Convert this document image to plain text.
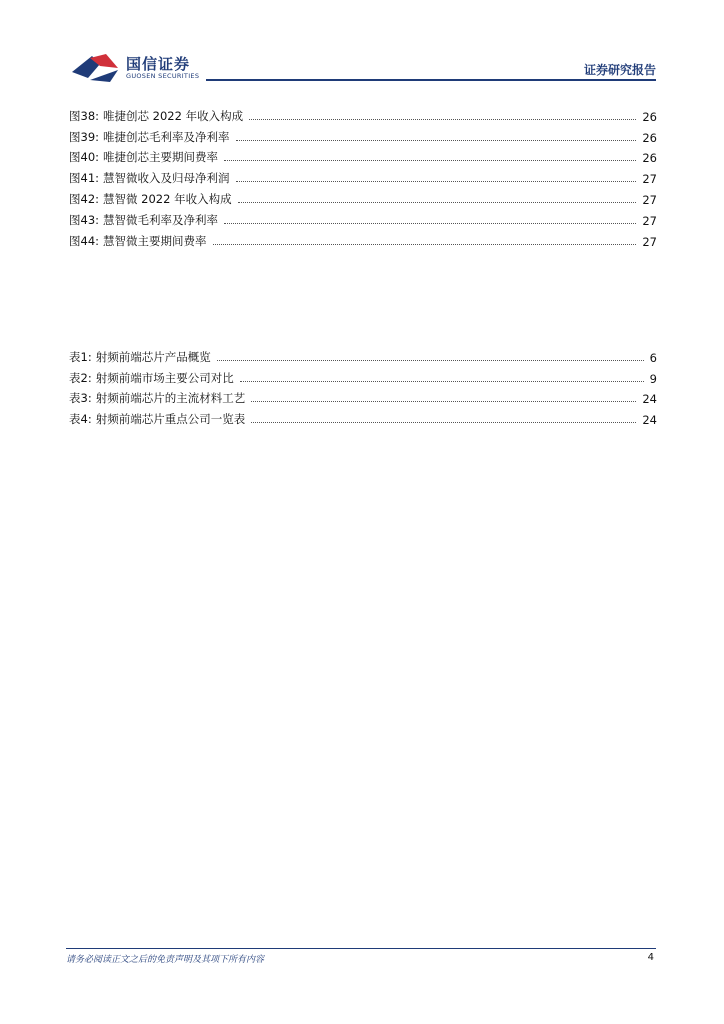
国信证券
GUOSEN SECURITIES	证券研究报告
图38: 唯捷创芯 2022 年收入构成	26
图39: 唯捷创芯毛利率及净利率	26
图40: 唯捷创芯主要期间费率	26
图41: 慧智微收入及归母净利润	27
图42: 慧智微 2022 年收入构成	27
图43: 慧智微毛利率及净利率	27
图44: 慧智微主要期间费率	27
表1: 射频前端芯片产品概览	6
表2: 射频前端市场主要公司对比	9
表3: 射频前端芯片的主流材料工艺	24
表4: 射频前端芯片重点公司一览表	24
请务必阅读正文之后的免责声明及其项下所有内容	4
